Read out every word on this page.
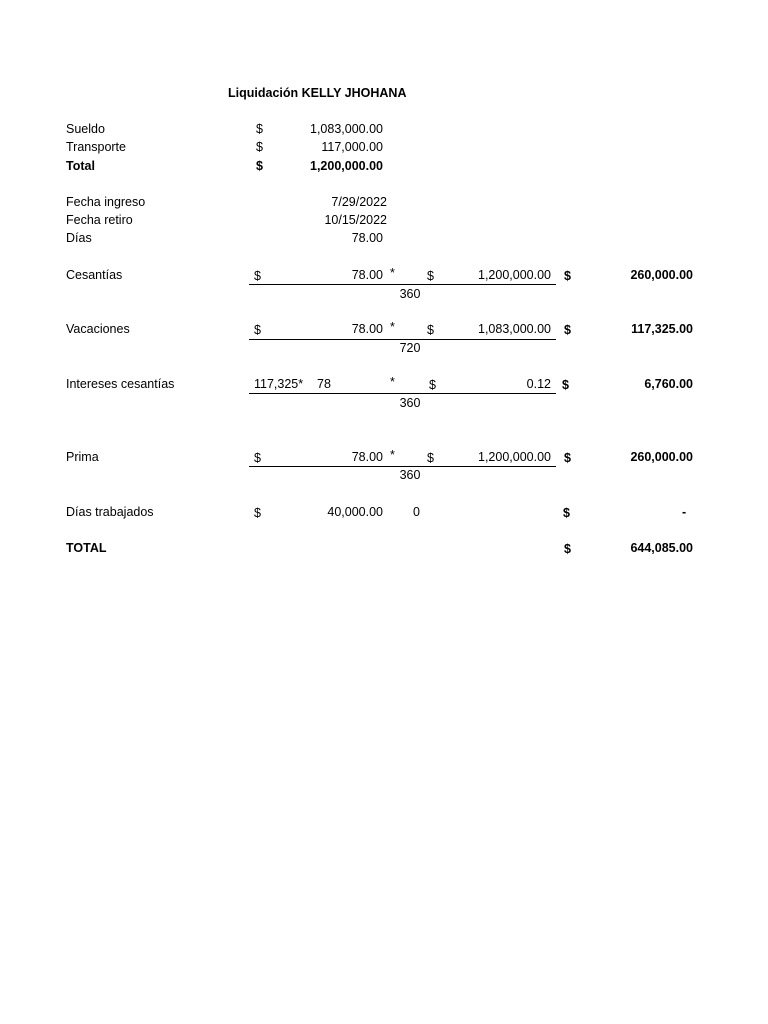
Liquidación KELLY JHOHANA
Sueldo	$	1,083,000.00
Transporte	$	117,000.00
Total	$	1,200,000.00
Fecha ingreso	7/29/2022
Fecha retiro	10/15/2022
Días	78.00
Cesantías	$	78.00 *	$	1,200,000.00 $	260,000.00
360
Vacaciones	$	78.00 *	$	1,083,000.00 $	117,325.00
720
Intereses cesantías	117,325* 78	*	$	0.12 $	6,760.00
360
Prima	$	78.00 *	$	1,200,000.00 $	260,000.00
360
Días trabajados	$	40,000.00 0	$	-
TOTAL	$	644,085.00
